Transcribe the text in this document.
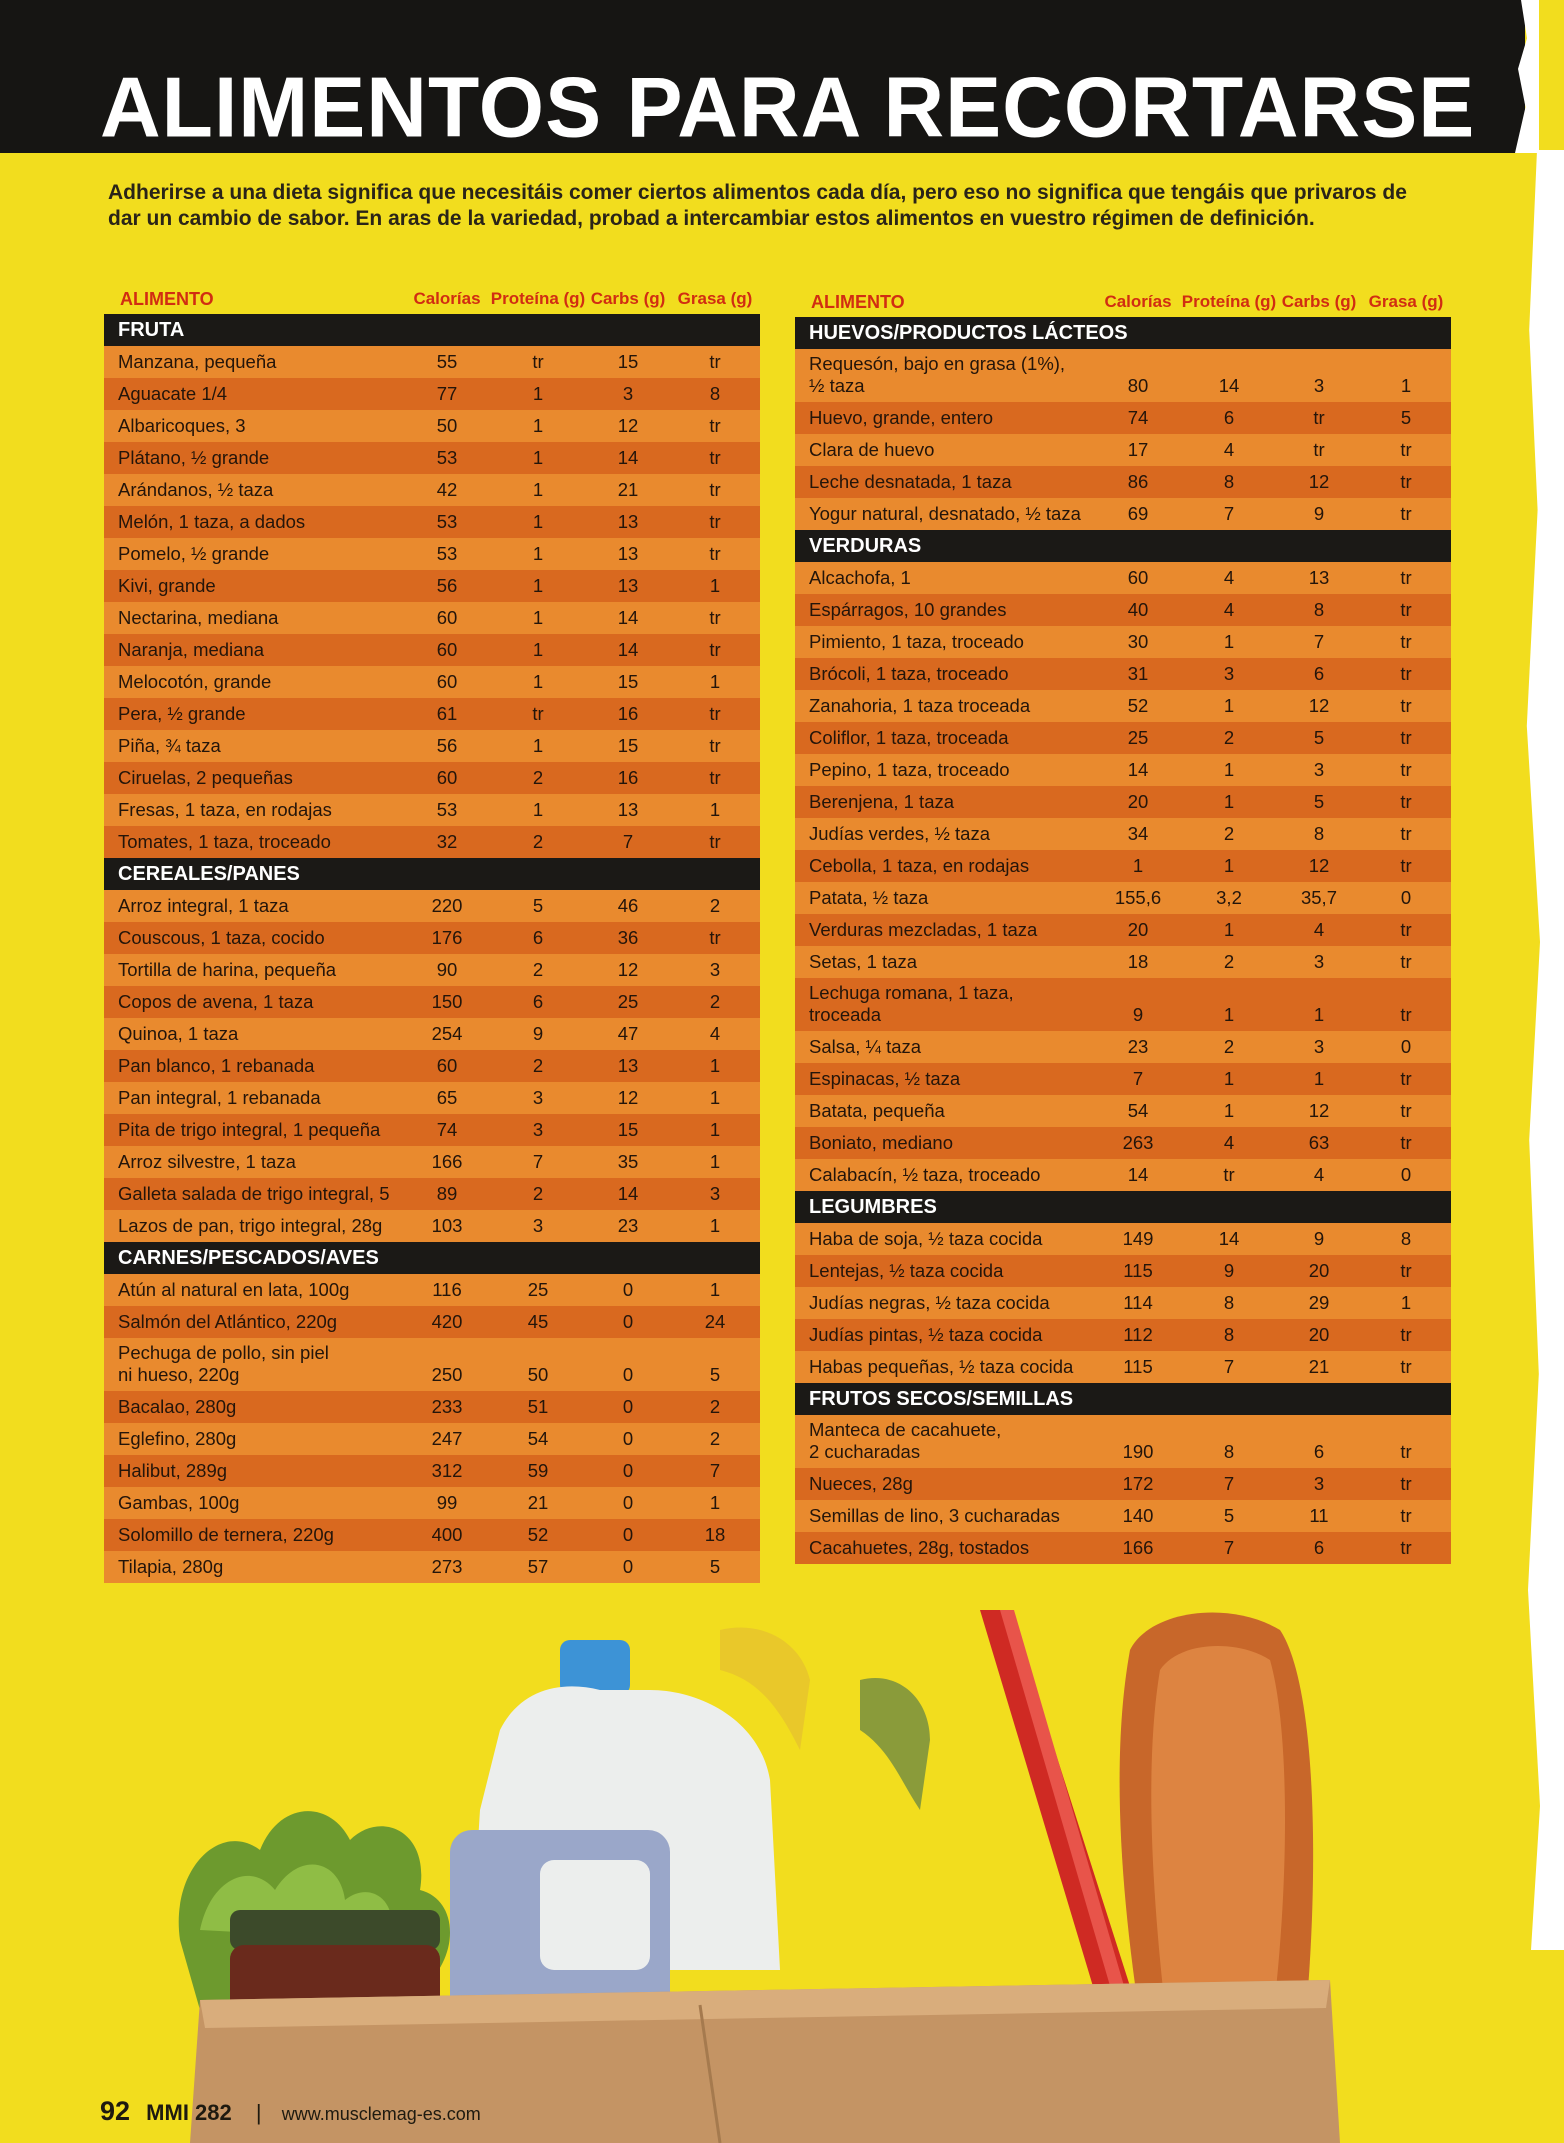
ALIMENTOS PARA RECORTARSE
Adherirse a una dieta significa que necesitáis comer ciertos alimentos cada día, pero eso no significa que tengáis que privaros de dar un cambio de sabor. En aras de la variedad, probad a intercambiar estos alimentos en vuestro régimen de definición.
ALIMENTO	Calorías Proteína (g) Carbs (g) Grasa (g)
FRUTA
Manzana, pequeña	55	tr	15	tr
Aguacate 1/4	77	1	3	8
Albaricoques, 3	50	1	12	tr
Plátano, ½ grande	53	1	14	tr
Arándanos, ½ taza	42	1	21	tr
Melón, 1 taza, a dados	53	1	13	tr
Pomelo, ½ grande	53	1	13	tr
Kivi, grande	56	1	13	1
Nectarina, mediana	60	1	14	tr
Naranja, mediana	60	1	14	tr
Melocotón, grande	60	1	15	1
Pera, ½ grande	61	tr	16	tr
Piña, ¾ taza	56	1	15	tr
Ciruelas, 2 pequeñas	60	2	16	tr
Fresas, 1 taza, en rodajas	53	1	13	1
Tomates, 1 taza, troceado	32	2	7	tr
CEREALES/PANES
Arroz integral, 1 taza	220	5	46	2
Couscous, 1 taza, cocido	176	6	36	tr
Tortilla de harina, pequeña	90	2	12	3
Copos de avena, 1 taza	150	6	25	2
Quinoa, 1 taza	254	9	47	4
Pan blanco, 1 rebanada	60	2	13	1
Pan integral, 1 rebanada	65	3	12	1
Pita de trigo integral, 1 pequeña	74	3	15	1
Arroz silvestre, 1 taza	166	7	35	1
Galleta salada de trigo integral, 5	89	2	14	3
Lazos de pan, trigo integral, 28g	103	3	23	1
CARNES/PESCADOS/AVES
Atún al natural en lata, 100g	116	25	0	1
Salmón del Atlántico, 220g	420	45	0	24
Pechuga de pollo, sin piel
ni hueso, 220g	250	50	0	5
Bacalao, 280g	233	51	0	2
Eglefino, 280g	247	54	0	2
Halibut, 289g	312	59	0	7
Gambas, 100g	99	21	0	1
Solomillo de ternera, 220g	400	52	0	18
Tilapia, 280g	273	57	0	5
ALIMENTO	Calorías Proteína (g) Carbs (g) Grasa (g)
HUEVOS/PRODUCTOS LÁCTEOS
Requesón, bajo en grasa (1%),
½ taza	80	14	3	1
Huevo, grande, entero	74	6	tr	5
Clara de huevo	17	4	tr	tr
Leche desnatada, 1 taza	86	8	12	tr
Yogur natural, desnatado, ½ taza	69	7	9	tr
VERDURAS
Alcachofa, 1	60	4	13	tr
Espárragos, 10 grandes	40	4	8	tr
Pimiento, 1 taza, troceado	30	1	7	tr
Brócoli, 1 taza, troceado	31	3	6	tr
Zanahoria, 1 taza troceada	52	1	12	tr
Coliflor, 1 taza, troceada	25	2	5	tr
Pepino, 1 taza, troceado	14	1	3	tr
Berenjena, 1 taza	20	1	5	tr
Judías verdes, ½ taza	34	2	8	tr
Cebolla, 1 taza, en rodajas	1	1	12	tr
Patata, ½ taza	155,6	3,2	35,7	0
Verduras mezcladas, 1 taza	20	1	4	tr
Setas, 1 taza	18	2	3	tr
Lechuga romana, 1 taza,
troceada	9	1	1	tr
Salsa, ¼ taza	23	2	3	0
Espinacas, ½ taza	7	1	1	tr
Batata, pequeña	54	1	12	tr
Boniato, mediano	263	4	63	tr
Calabacín, ½ taza, troceado	14	tr	4	0
LEGUMBRES
Haba de soja, ½ taza cocida	149	14	9	8
Lentejas, ½ taza cocida	115	9	20	tr
Judías negras, ½ taza cocida	114	8	29	1
Judías pintas, ½ taza cocida	112	8	20	tr
Habas pequeñas, ½ taza cocida	115	7	21	tr
FRUTOS SECOS/SEMILLAS
Manteca de cacahuete,
2 cucharadas	190	8	6	tr
Nueces, 28g	172	7	3	tr
Semillas de lino, 3 cucharadas	140	5	11	tr
Cacahuetes, 28g, tostados	166	7	6	tr
92 MMI 282 | www.musclemag-es.com
